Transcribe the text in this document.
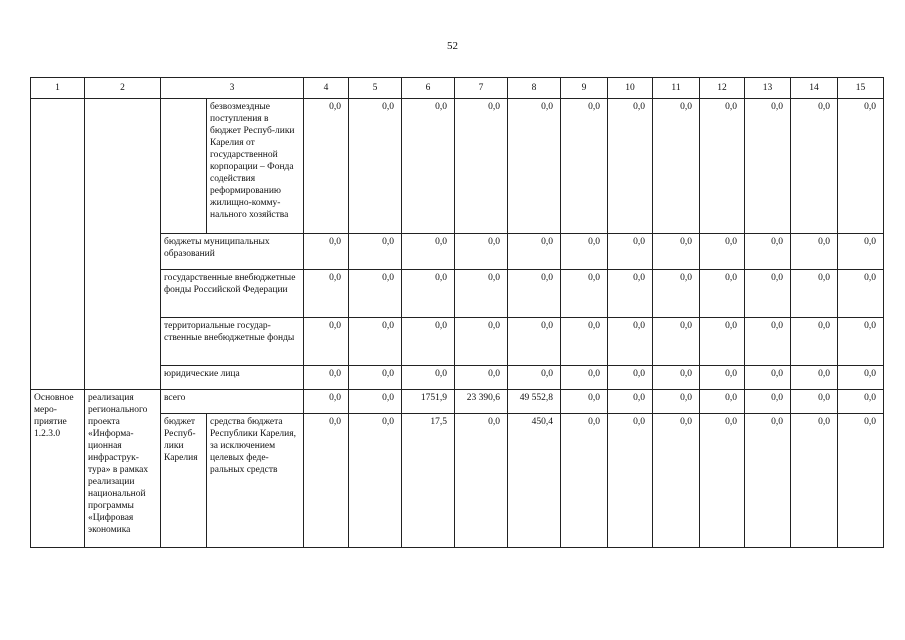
52
1	2	3		4	5	6	7	8	9	10	11	12	13	14	15
			безвозмездные поступления в бюджет Респуб-лики Карелия от государственной корпорации – Фонда содействия реформированию жилищно-комму-нального хозяйства	0,0	0,0	0,0	0,0	0,0	0,0	0,0	0,0	0,0	0,0	0,0	0,0
		бюджеты муниципальных образований		0,0	0,0	0,0	0,0	0,0	0,0	0,0	0,0	0,0	0,0	0,0	0,0
		государственные внебюджетные фонды Российской Федерации		0,0	0,0	0,0	0,0	0,0	0,0	0,0	0,0	0,0	0,0	0,0	0,0
		территориальные государ-ственные внебюджетные фонды		0,0	0,0	0,0	0,0	0,0	0,0	0,0	0,0	0,0	0,0	0,0	0,0
		юридические лица		0,0	0,0	0,0	0,0	0,0	0,0	0,0	0,0	0,0	0,0	0,0	0,0
Основное меро-приятие 1.2.3.0	реализация регионального проекта «Информа-ционная инфраструк-тура» в рамках реализации национальной программы «Цифровая экономика	всего		0,0	0,0	1751,9	23 390,6	49 552,8	0,0	0,0	0,0	0,0	0,0	0,0	0,0
		бюджет Респуб-лики Карелия	средства бюджета Республики Карелия, за исключением целевых феде-ральных средств	0,0	0,0	17,5	0,0	450,4	0,0	0,0	0,0	0,0	0,0	0,0	0,0
